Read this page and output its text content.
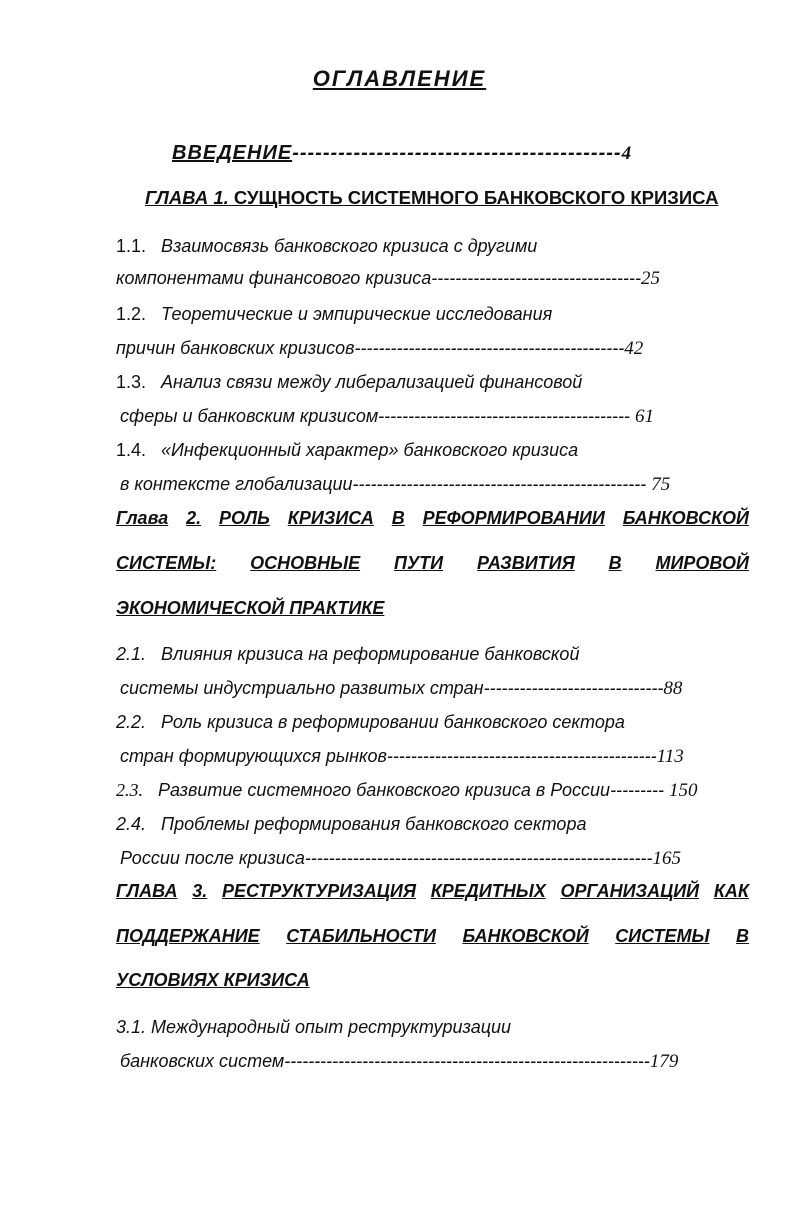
ОГЛАВЛЕНИЕ
ВВЕДЕНИЕ-------------------------------------------4
ГЛАВА 1. СУЩНОСТЬ СИСТЕМНОГО БАНКОВСКОГО КРИЗИСА
1.1. Взаимосвязь банковского кризиса с другими
компонентами финансового кризиса-----------------------------------25
1.2. Теоретические и эмпирические исследования
причин банковских кризисов---------------------------------------------42
1.3. Анализ связи между либерализацией финансовой
сферы и банковским кризисом------------------------------------------ 61
1.4. «Инфекционный характер» банковского кризиса
в контексте глобализации------------------------------------------------- 75
Глава 2. РОЛЬ КРИЗИСА В РЕФОРМИРОВАНИИ БАНКОВСКОЙ
СИСТЕМЫ: ОСНОВНЫЕ ПУТИ РАЗВИТИЯ В МИРОВОЙ
ЭКОНОМИЧЕСКОЙ ПРАКТИКЕ
2.1. Влияния кризиса на реформирование банковской
системы индустриально развитых стран------------------------------88
2.2. Роль кризиса в реформировании банковского сектора
стран формирующихся рынков---------------------------------------------113
2.3. Развитие системного банковского кризиса в России--------- 150
2.4. Проблемы реформирования банковского сектора
России после кризиса----------------------------------------------------------165
ГЛАВА 3. РЕСТРУКТУРИЗАЦИЯ КРЕДИТНЫХ ОРГАНИЗАЦИЙ КАК
ПОДДЕРЖАНИЕ СТАБИЛЬНОСТИ БАНКОВСКОЙ СИСТЕМЫ В
УСЛОВИЯХ КРИЗИСА
3.1. Международный опыт реструктуризации
банковских систем-------------------------------------------------------------179
